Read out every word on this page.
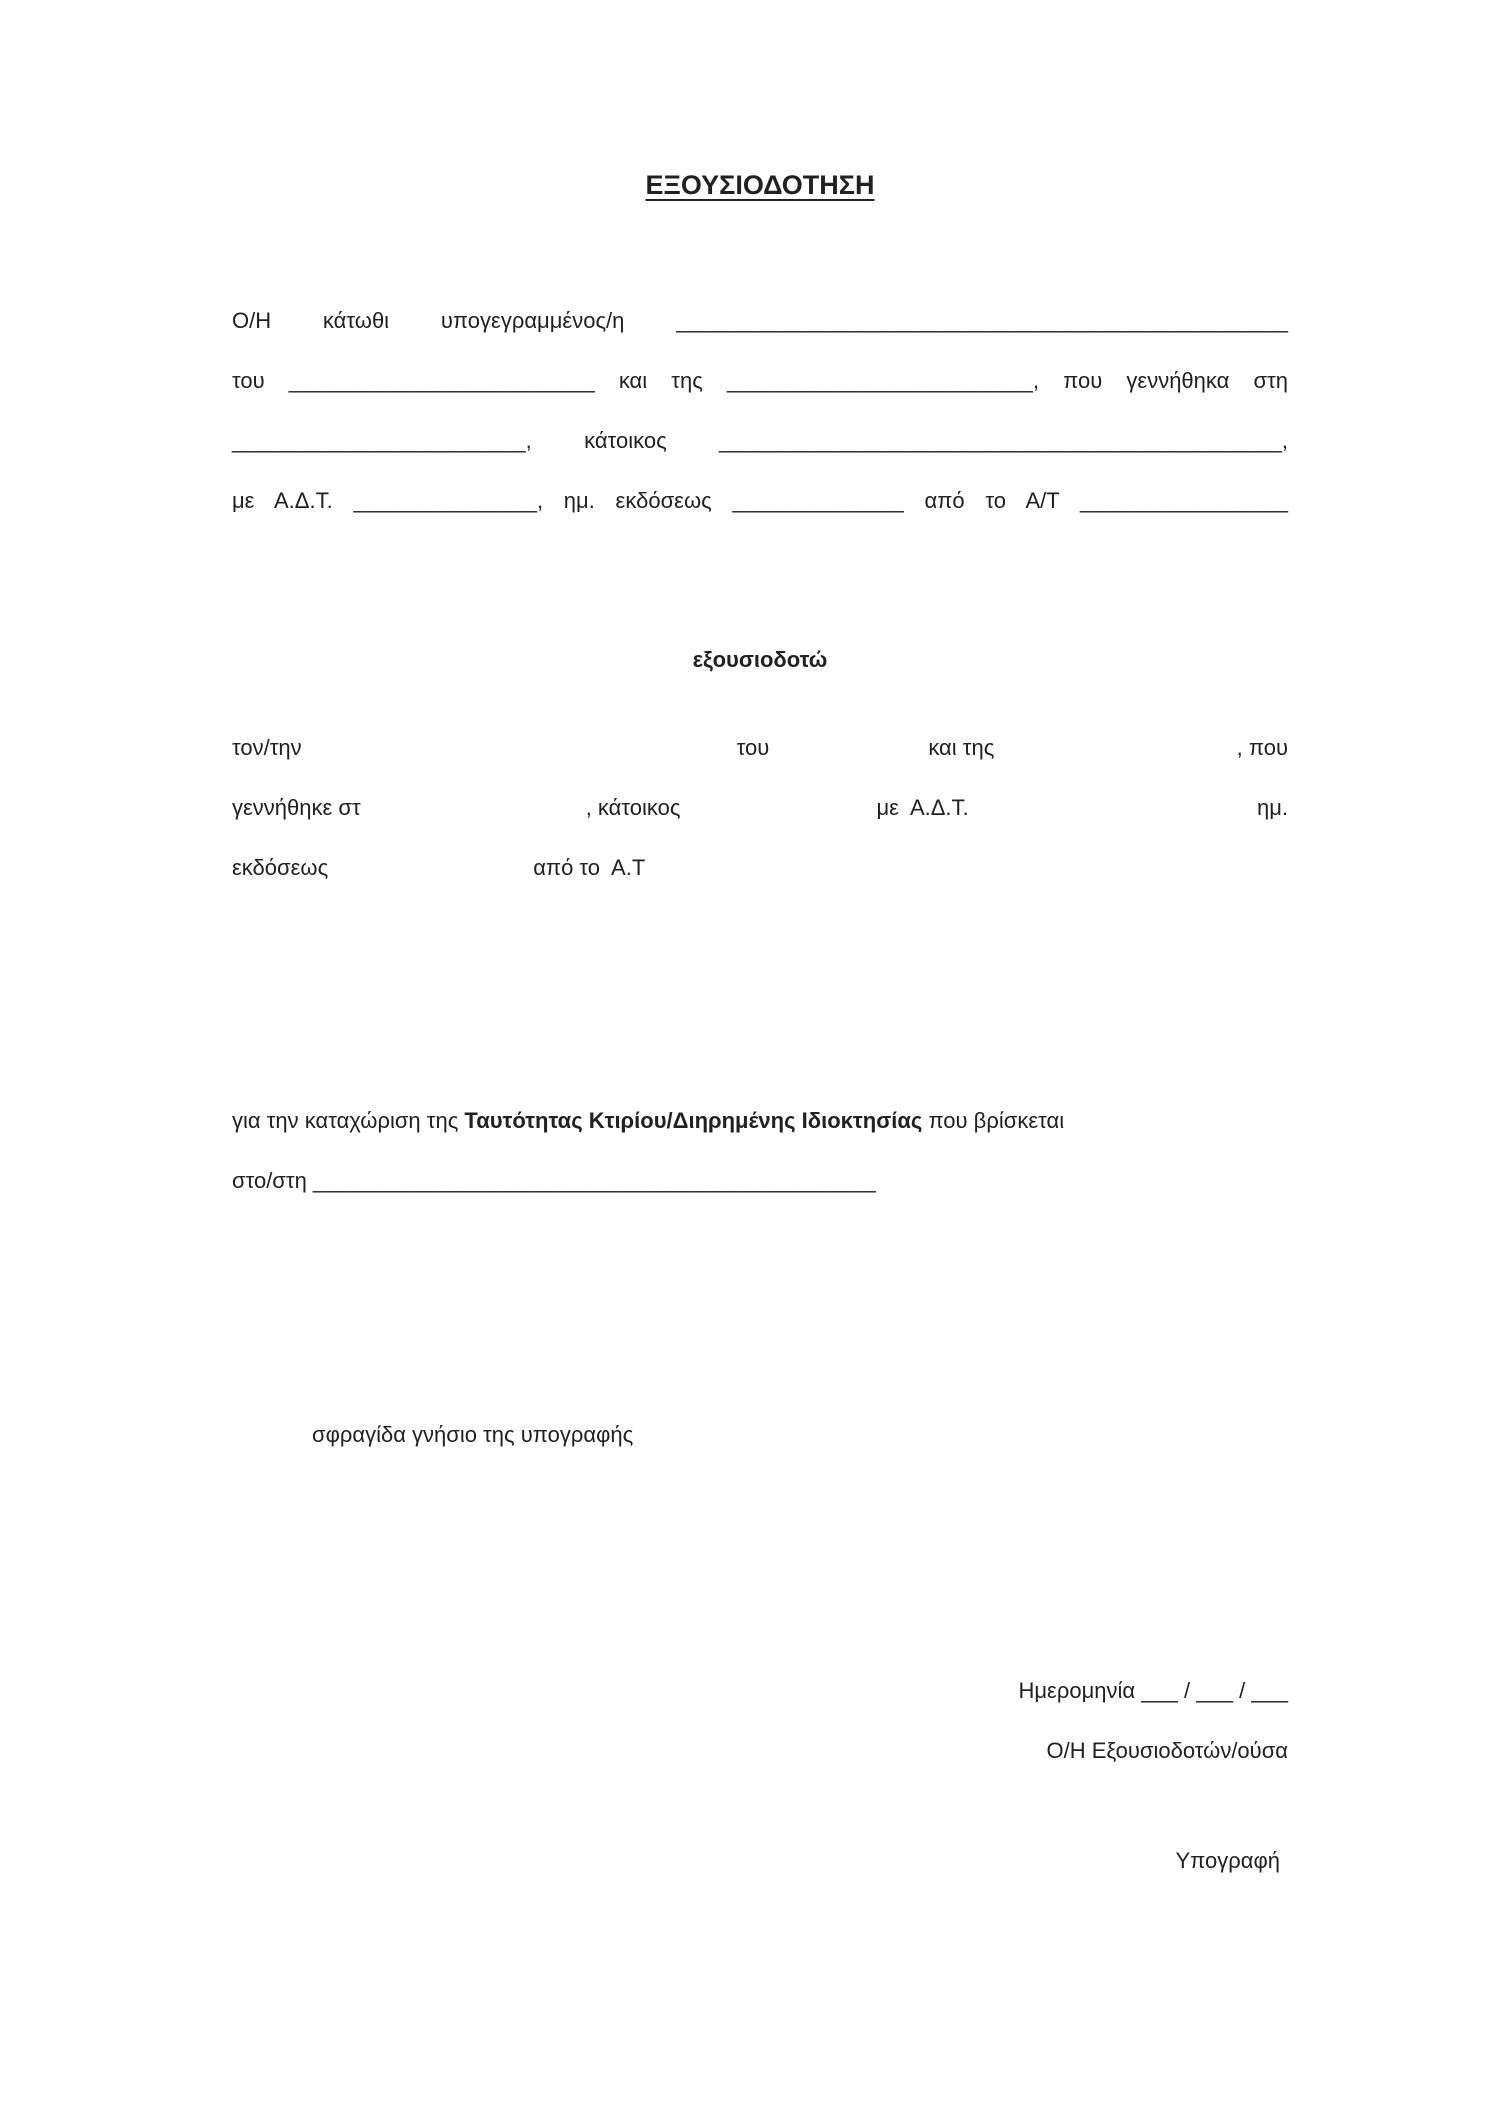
ΕΞΟΥΣΙΟΔΟΤΗΣΗ
Ο/Η κάτωθι υπογεγραμμένος/η __________________________________________________
του _________________________ και της _________________________, που γεννήθηκα στη
________________________, κάτοικος ______________________________________________,
με Α.Δ.Τ. _______________, ημ. εκδόσεως ______________ από το Α/Τ _________________
εξουσιοδοτώ
τον/την	του	και της	, που
γεννήθηκε στ	, κάτοικος	με  Α.Δ.Τ.	ημ.
εκδόσεως	από το  Α.Τ
για την καταχώριση της Ταυτότητας Κτιρίου/Διηρημένης Ιδιοκτησίας που βρίσκεται
στο/στη ______________________________________________
σφραγίδα γνήσιο της υπογραφής
Ημερομηνία ___ / ___ / ___
Ο/Η Εξουσιοδοτών/ούσα
Υπογραφή
